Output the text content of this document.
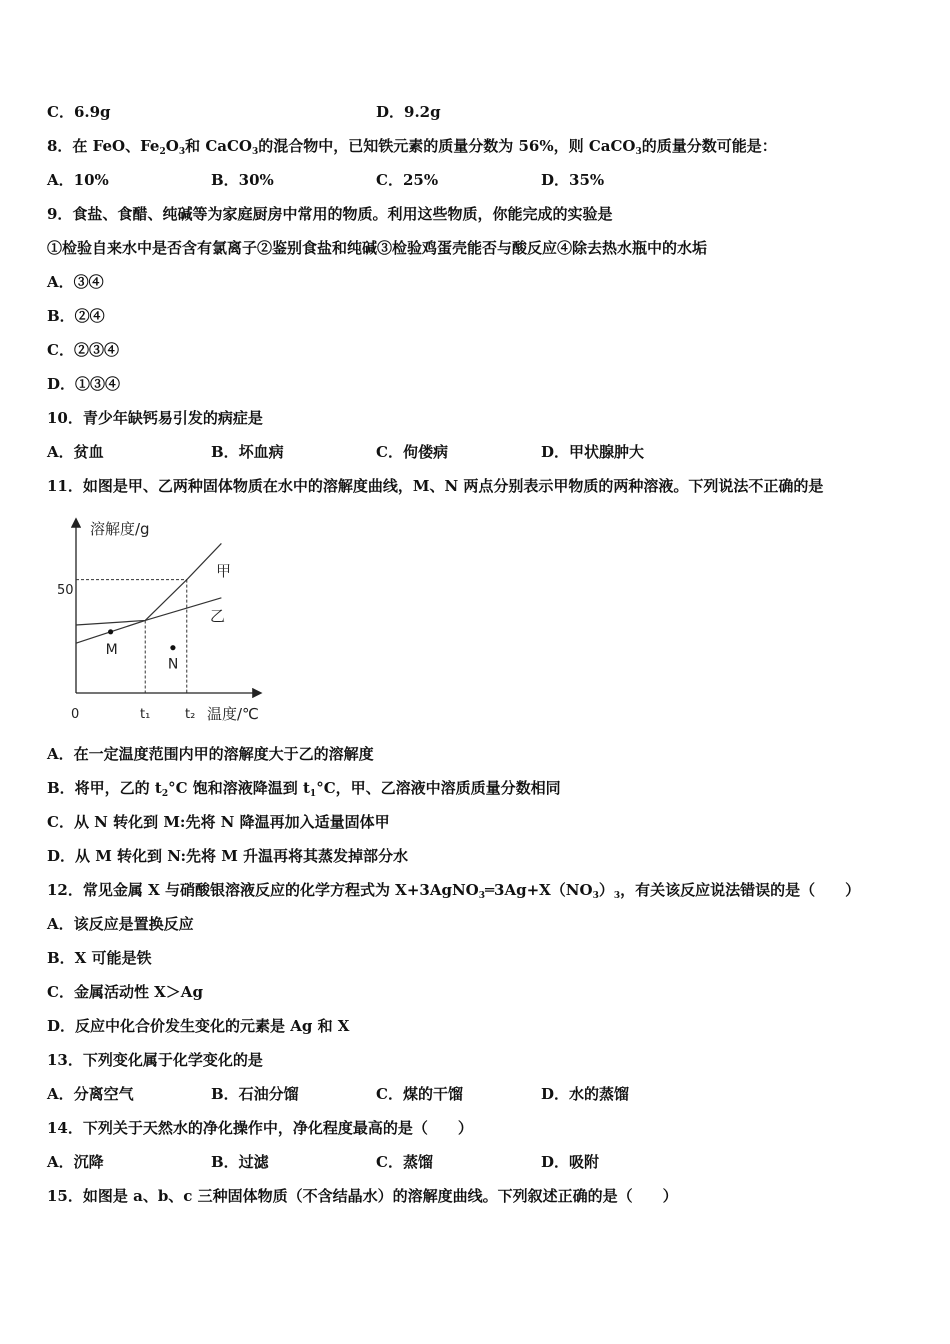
C．6.9g	D．9.2g
8．在 FeO、$Fe_2O_3$和 CaCO$_3$的混合物中，已知铁元素的质量分数为 56%，则 CaCO$_3$的质量分数可能是：
A．10%	B．30%	C．25%	D．35%
9．食盐、食醋、纯碱等为家庭厨房中常用的物质。利用这些物质，你能完成的实验是
①检验自来水中是否含有氯离子②鉴别食盐和纯碱③检验鸡蛋壳能否与酸反应④除去热水瓶中的水垢
A．③④
B．②④
C．②③④
D．①③④
10．青少年缺钙易引发的病症是
A．贫血	B．坏血病	C．佝偻病	D．甲状腺肿大
11．如图是甲、乙两种固体物质在水中的溶解度曲线，M、N 两点分别表示甲物质的两种溶液。下列说法不正确的是
溶解度/g
温度/℃
0
50
t₁	t₂
甲
乙
M
N
A．在一定温度范围内甲的溶解度大于乙的溶解度
B．将甲，乙的 $t_2^\circ C$ 饱和溶液降温到 $t_1^\circ C$，甲、乙溶液中溶质质量分数相同
C．从 N 转化到 M:先将 N 降温再加入适量固体甲
D．从 M 转化到 N:先将 M 升温再将其蒸发掉部分水
12．常见金属 X 与硝酸银溶液反应的化学方程式为 $X+3AgNO_3═3Ag+X(NO_3)_3$，有关该反应说法错误的是（　　）
A．该反应是置换反应
B．X 可能是铁
C．金属活动性 X＞Ag
D．反应中化合价发生变化的元素是 Ag 和 X
13．下列变化属于化学变化的是
A．分离空气	B．石油分馏	C．煤的干馏	D．水的蒸馏
14．下列关于天然水的净化操作中，净化程度最高的是（　　）
A．沉降	B．过滤	C．蒸馏	D．吸附
15．如图是 a、b、c 三种固体物质（不含结晶水）的溶解度曲线。下列叙述正确的是（　　）
